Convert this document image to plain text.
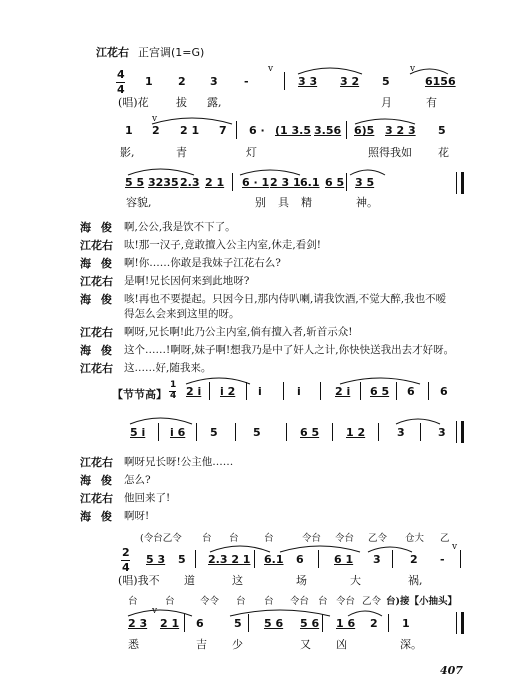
江花右 正宫调(1=G)
4
4
1 2 3 -
v
3 3 3 2 5
v
6156
(唱)花 拔 露,	月	有
v
1 2 2 1 7 6 · (1 3.5 3.56 6)5 3 2 3 5
影,	青	灯	照得我如 花
5 5 3235 2.3 2 1 6 · 1 2 3 1 6.1 6 5 3 5
容貌,	别具精	神。
海 俊 啊,公公,我是饮不下了。
江花右 呔!那一汉子,竟敢擅入公主内室,休走,看剑!
海 俊 啊!你……你敢是我妹子江花右么?
江花右 是啊!兄长因何来到此地呀?
海 俊 咳!再也不要提起。只因今日,那内侍叭喇,请我饮酒,不觉大醉,我也不嗳
得怎么会来到这里的呀。
江花右 啊呀,兄长啊!此乃公主内室,倘有擅入者,斩首示众!
海 俊 这个……!啊呀,妹子啊!想我乃是中了奸人之计,你快快送我出去才好呀。
江花右 这……好,随我来。
【节节高】
1
4 2 i i 2 i	i	2 i 6 5 6 6
5 i i 6 5	5	6 5 1 2	3	3
江花右 啊呀兄长呀!公主他……
海 俊 怎么?
江花右 他回来了!
海 俊 啊呀!
(令台乙令 台 台	台	令台 令台 乙令 仓大 乙
2
4
5 3 5 2.3 2 1 6.1 6	6 1 3	2 -
v
(唱)我不 道	这	场	大	祸,
台	台	令令 台 台 令台 台 令台 乙令 台)接【小抽头】
v
2 3 2 1 6	5 5 6 5 6 1 6 2 1
悉	吉 少	又 凶	深。
407
